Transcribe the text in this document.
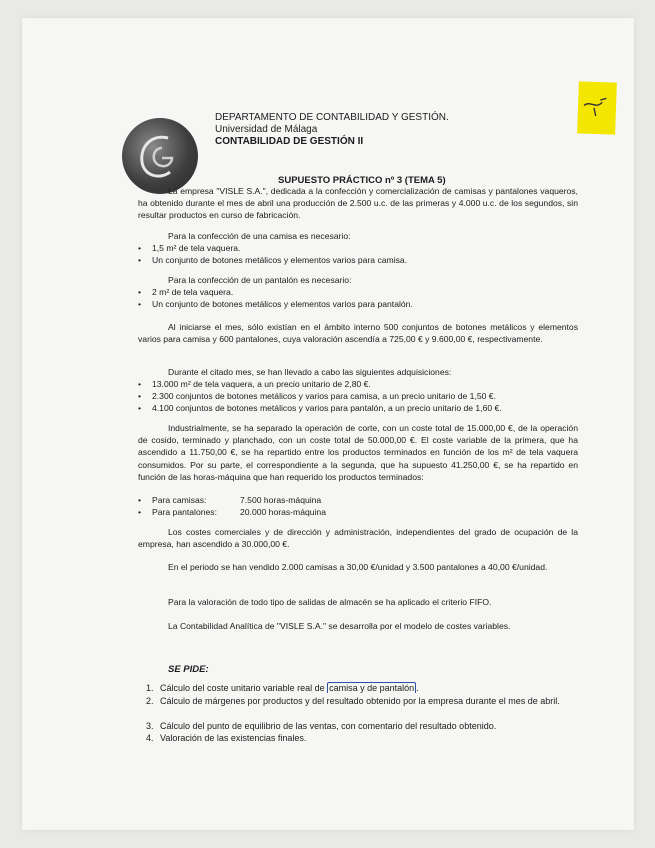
DEPARTAMENTO DE CONTABILIDAD Y GESTIÓN.
Universidad de Málaga
CONTABILIDAD DE GESTIÓN II
SUPUESTO PRÁCTICO nº 3 (TEMA 5)

La empresa "VISLE S.A.", dedicada a la confección y comercialización de camisas y pantalones vaqueros, ha obtenido durante el mes de abril una producción de 2.500 u.c. de las primeras y 4.000 u.c. de los segundos, sin resultar productos en curso de fabricación.

Para la confección de una camisa es necesario:
• 1,5 m² de tela vaquera.
• Un conjunto de botones metálicos y elementos varios para camisa.
Para la confección de un pantalón es necesario:
• 2 m² de tela vaquera.
• Un conjunto de botones metálicos y elementos varios para pantalón.

Al iniciarse el mes, sólo existían en el ámbito interno 500 conjuntos de botones metálicos y elementos varios para camisa y 600 pantalones, cuya valoración ascendía a 725,00 € y 9.600,00 €, respectivamente.

Durante el citado mes, se han llevado a cabo las siguientes adquisiciones:
• 13.000 m² de tela vaquera, a un precio unitario de 2,80 €.
• 2.300 conjuntos de botones metálicos y varios para camisa, a un precio unitario de 1,50 €.
• 4.100 conjuntos de botones metálicos y varios para pantalón, a un precio unitario de 1,60 €.

Industrialmente, se ha separado la operación de corte, con un coste total de 15.000,00 €, de la operación de cosido, terminado y planchado, con un coste total de 50.000,00 €. El coste variable de la primera, que ha ascendido a 11.750,00 €, se ha repartido entre los productos terminados en función de los m² de tela vaquera consumidos. Por su parte, el correspondiente a la segunda, que ha supuesto 41.250,00 €, se ha repartido en función de las horas-máquina que han requerido los productos terminados:

• Para camisas:	7.500 horas-máquina
• Para pantalones:	20.000 horas-máquina

Los costes comerciales y de dirección y administración, independientes del grado de ocupación de la empresa, han ascendido a 30.000,00 €.

En el periodo se han vendido 2.000 camisas a 30,00 €/unidad y 3.500 pantalones a 40,00 €/unidad.

Para la valoración de todo tipo de salidas de almacén se ha aplicado el criterio FIFO.
La Contabilidad Analítica de "VISLE S.A." se desarrolla por el modelo de costes variables.
SE PIDE:
1. Cálculo del coste unitario variable real de camisa y de pantalón .
2. Cálculo de márgenes por productos y del resultado obtenido por la empresa durante el mes de abril.
3. Cálculo del punto de equilibrio de las ventas, con comentario del resultado obtenido.
4. Valoración de las existencias finales.
